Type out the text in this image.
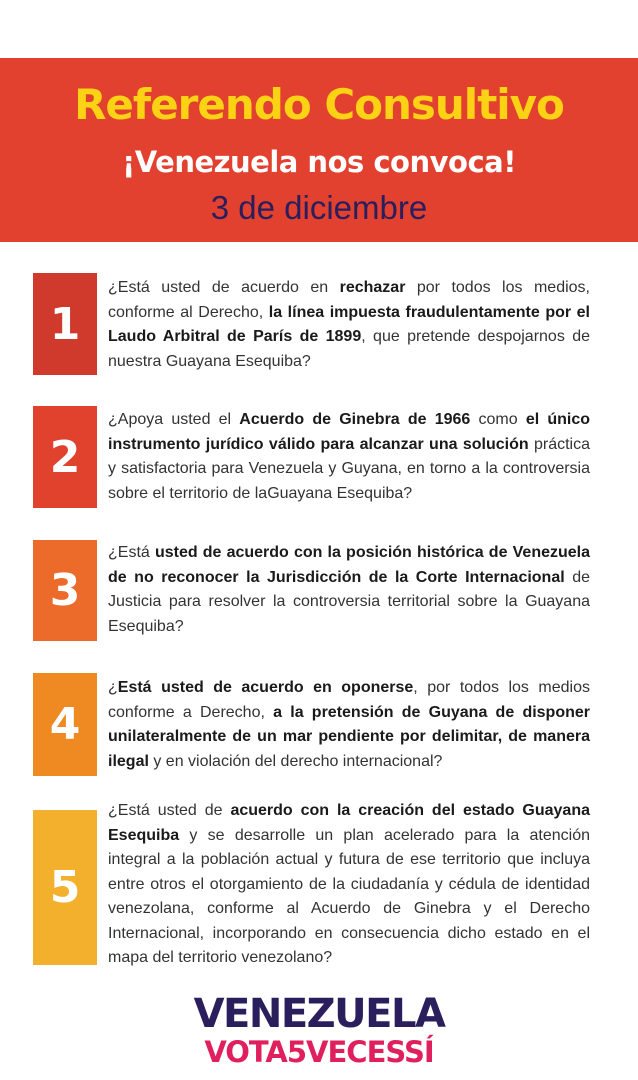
Referendo Consultivo
¡Venezuela nos convoca!
3 de diciembre
1
¿Está usted de acuerdo en rechazar por todos los medios, conforme al Derecho, la línea impuesta fraudulentamente por el Laudo Arbitral de París de 1899, que pretende despojarnos de nuestra Guayana Esequiba?
2
¿Apoya usted el Acuerdo de Ginebra de 1966 como el único instrumento jurídico válido para alcanzar una solución práctica y satisfactoria para Venezuela y Guyana, en torno a la controversia sobre el territorio de laGuayana Esequiba?
3
¿Está usted de acuerdo con la posición histórica de Venezuela de no reconocer la Jurisdicción de la Corte Internacional de Justicia para resolver la controversia territorial sobre la Guayana Esequiba?
4
¿Está usted de acuerdo en oponerse, por todos los medios conforme a Derecho, a la pretensión de Guyana de disponer unilateralmente de un mar pendiente por delimitar, de manera ilegal y en violación del derecho internacional?
5
¿Está usted de acuerdo con la creación del estado Guayana Esequiba y se desarrolle un plan acelerado para la atención integral a la población actual y futura de ese territorio que incluya entre otros el otorgamiento de la ciudadanía y cédula de identidad venezolana, conforme al Acuerdo de Ginebra y el Derecho Internacional, incorporando en consecuencia dicho estado en el mapa del territorio venezolano?
VENEZUELA
VOTA5VECESSÍ
